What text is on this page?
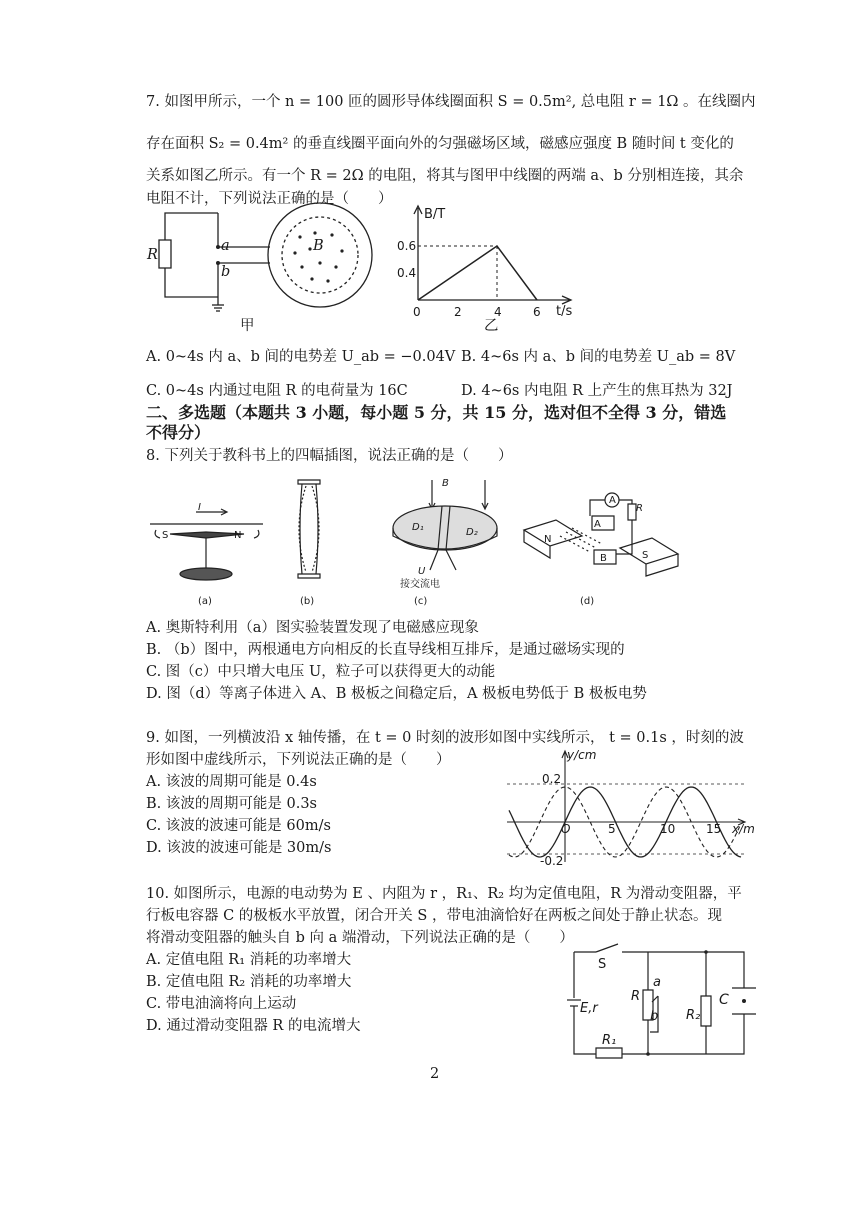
7. 如图甲所示，一个 n = 100 匝的圆形导体线圈面积 S = 0.5m², 总电阻 r = 1Ω 。在线圈内
存在面积 S₂ = 0.4m² 的垂直线圈平面向外的匀强磁场区域，磁感应强度 B 随时间 t 变化的
关系如图乙所示。有一个 R = 2Ω 的电阻，将其与图甲中线圈的两端 a、b 分别相连接，其余
电阻不计，下列说法正确的是（　　）
R
a
b
B
甲
B/T
0.6
0.4
0	2	4	6 t/s
乙
A. 0~4s 内 a、b 间的电势差 U_ab = −0.04V B. 4~6s 内 a、b 间的电势差 U_ab = 8V
C. 0~4s 内通过电阻 R 的电荷量为 16C	D. 4~6s 内电阻 R 上产生的焦耳热为 32J
二、多选题（本题共 3 小题，每小题 5 分，共 15 分，选对但不全得 3 分，错选
不得分）
8. 下列关于教科书上的四幅插图，说法正确的是（　　）
I
S	N
(a)	(b)
B
D₁	D₂
U
接交流电
(c)
A
R
N
A
B	S
(d)
A. 奥斯特利用（a）图实验装置发现了电磁感应现象
B. （b）图中，两根通电方向相反的长直导线相互排斥，是通过磁场实现的
C. 图（c）中只增大电压 U，粒子可以获得更大的动能
D. 图（d）等离子体进入 A、B 极板之间稳定后，A 极板电势低于 B 极板电势
9. 如图，一列横波沿 x 轴传播，在 t = 0 时刻的波形如图中实线所示， t = 0.1s ，时刻的波
形如图中虚线所示，下列说法正确的是（　　）
A. 该波的周期可能是 0.4s
B. 该波的周期可能是 0.3s
C. 该波的波速可能是 60m/s
D. 该波的波速可能是 30m/s
y/cm
0.2
-0.2
O	5	10	15 x/m
10. 如图所示，电源的电动势为 E 、内阻为 r ，R₁、R₂ 均为定值电阻，R 为滑动变阻器，平
行板电容器 C 的极板水平放置，闭合开关 S ，带电油滴恰好在两板之间处于静止状态。现
将滑动变阻器的触头自 b 向 a 端滑动，下列说法正确的是（　　）
A. 定值电阻 R₁ 消耗的功率增大
B. 定值电阻 R₂ 消耗的功率增大
C. 带电油滴将向上运动
D. 通过滑动变阻器 R 的电流增大
S
R
a
b
C
R₂
E,r
R₁
2
